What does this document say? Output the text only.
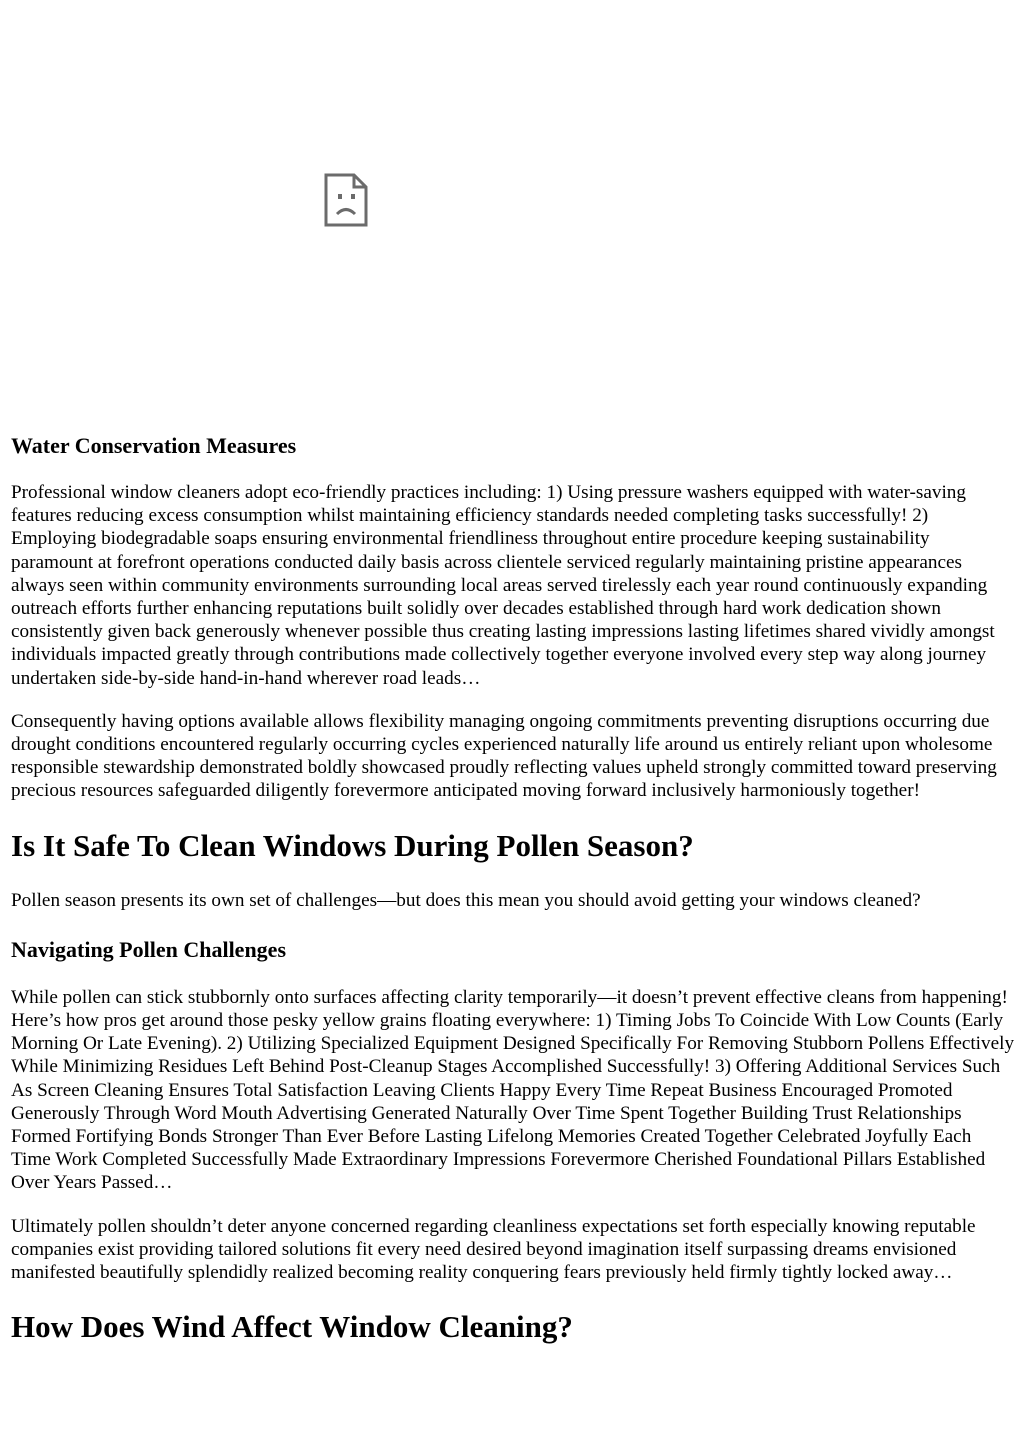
Water Conservation Measures

Professional window cleaners adopt eco-friendly practices including: 1) Using pressure washers equipped with water-saving features reducing excess consumption whilst maintaining efficiency standards needed completing tasks successfully! 2) Employing biodegradable soaps ensuring environmental friendliness throughout entire procedure keeping sustainability paramount at forefront operations conducted daily basis across clientele serviced regularly maintaining pristine appearances always seen within community environments surrounding local areas served tirelessly each year round continuously expanding outreach efforts further enhancing reputations built solidly over decades established through hard work dedication shown consistently given back generously whenever possible thus creating lasting impressions lasting lifetimes shared vividly amongst individuals impacted greatly through contributions made collectively together everyone involved every step way along journey undertaken side-by-side hand-in-hand wherever road leads…

Consequently having options available allows flexibility managing ongoing commitments preventing disruptions occurring due drought conditions encountered regularly occurring cycles experienced naturally life around us entirely reliant upon wholesome responsible stewardship demonstrated boldly showcased proudly reflecting values upheld strongly committed toward preserving precious resources safeguarded diligently forevermore anticipated moving forward inclusively harmoniously together!

Is It Safe To Clean Windows During Pollen Season?

Pollen season presents its own set of challenges—but does this mean you should avoid getting your windows cleaned?

Navigating Pollen Challenges

While pollen can stick stubbornly onto surfaces affecting clarity temporarily—it doesn’t prevent effective cleans from happening! Here’s how pros get around those pesky yellow grains floating everywhere: 1) Timing Jobs To Coincide With Low Counts (Early Morning Or Late Evening). 2) Utilizing Specialized Equipment Designed Specifically For Removing Stubborn Pollens Effectively While Minimizing Residues Left Behind Post-Cleanup Stages Accomplished Successfully! 3) Offering Additional Services Such As Screen Cleaning Ensures Total Satisfaction Leaving Clients Happy Every Time Repeat Business Encouraged Promoted Generously Through Word Mouth Advertising Generated Naturally Over Time Spent Together Building Trust Relationships Formed Fortifying Bonds Stronger Than Ever Before Lasting Lifelong Memories Created Together Celebrated Joyfully Each Time Work Completed Successfully Made Extraordinary Impressions Forevermore Cherished Foundational Pillars Established Over Years Passed…

Ultimately pollen shouldn’t deter anyone concerned regarding cleanliness expectations set forth especially knowing reputable companies exist providing tailored solutions fit every need desired beyond imagination itself surpassing dreams envisioned manifested beautifully splendidly realized becoming reality conquering fears previously held firmly tightly locked away…

How Does Wind Affect Window Cleaning?
